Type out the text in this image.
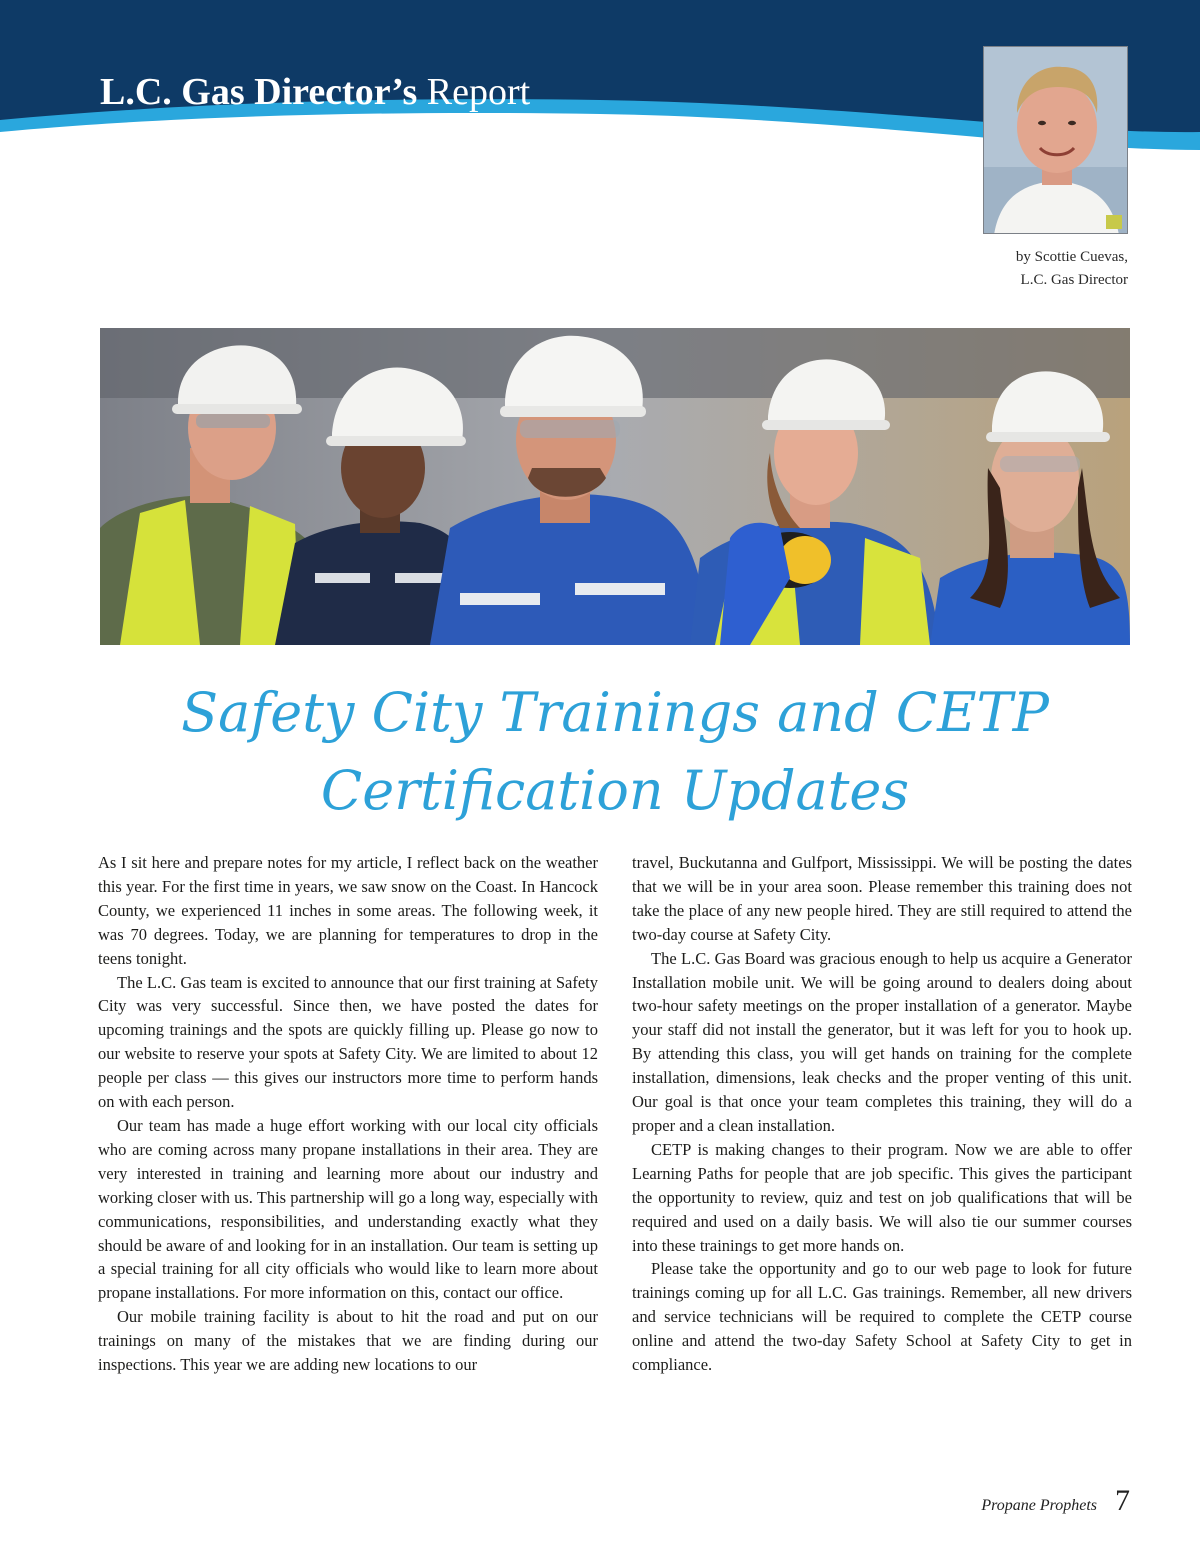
L.C. Gas Director’s Report
by Scottie Cuevas,
L.C. Gas Director
Safety City Trainings and CETP
Certification Updates

As I sit here and prepare notes for my article, I reflect back on the weather this year. For the first time in years, we saw snow on the Coast. In Hancock County, we experienced 11 inches in some areas. The following week, it was 70 degrees. Today, we are planning for temperatures to drop in the teens tonight.

The L.C. Gas team is excited to announce that our first training at Safety City was very successful. Since then, we have posted the dates for upcoming trainings and the spots are quickly filling up. Please go now to our website to reserve your spots at Safety City. We are limited to about 12 people per class — this gives our instructors more time to perform hands on with each person.

Our team has made a huge effort working with our local city officials who are coming across many propane installations in their area. They are very interested in training and learning more about our industry and working closer with us. This partnership will go a long way, especially with communications, responsibilities, and understanding exactly what they should be aware of and looking for in an installation. Our team is setting up a special training for all city officials who would like to learn more about propane installations. For more information on this, contact our office.

Our mobile training facility is about to hit the road and put on our trainings on many of the mistakes that we are finding during our inspections. This year we are adding new locations to our

travel, Buckutanna and Gulfport, Mississippi. We will be posting the dates that we will be in your area soon. Please remember this training does not take the place of any new people hired. They are still required to attend the two-day course at Safety City.

The L.C. Gas Board was gracious enough to help us acquire a Generator Installation mobile unit. We will be going around to dealers doing about two-hour safety meetings on the proper installation of a generator. Maybe your staff did not install the generator, but it was left for you to hook up. By attending this class, you will get hands on training for the complete installation, dimensions, leak checks and the proper venting of this unit. Our goal is that once your team completes this training, they will do a proper and a clean installation.

CETP is making changes to their program. Now we are able to offer Learning Paths for people that are job specific. This gives the participant the opportunity to review, quiz and test on job qualifications that will be required and used on a daily basis. We will also tie our summer courses into these trainings to get more hands on.

Please take the opportunity and go to our web page to look for future trainings coming up for all L.C. Gas trainings. Remember, all new drivers and service technicians will be required to complete the CETP course online and attend the two-day Safety School at Safety City to get in compliance.

Propane Prophets 7
